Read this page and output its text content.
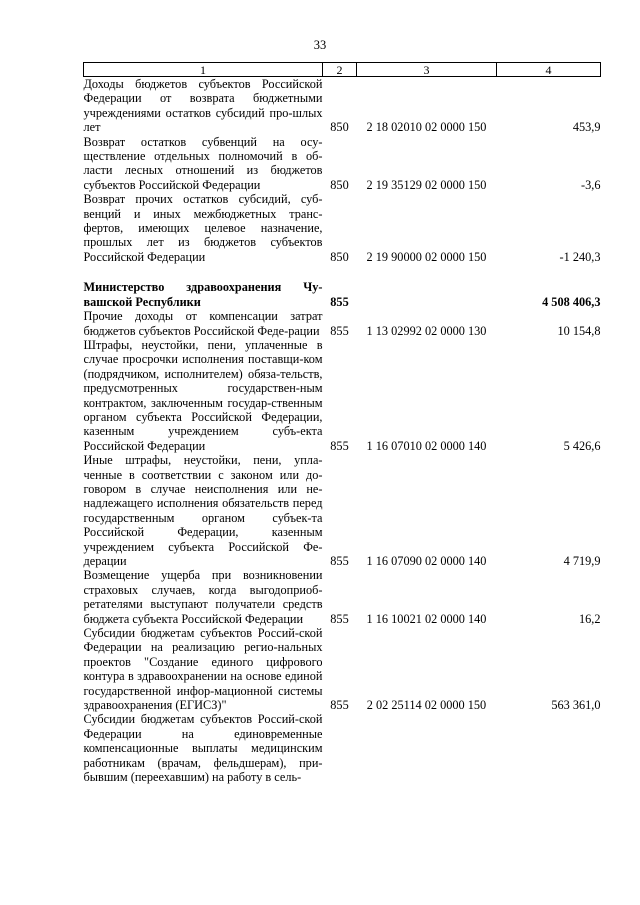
33
1	2	3	4
Доходы бюджетов субъектов Российской Федерации от возврата бюджетными учреждениями остатков субсидий про-шлых лет	850	2 18 02010 02 0000 150	453,9
Возврат остатков субвенций на осу-ществление отдельных полномочий в об-ласти лесных отношений из бюджетов субъектов Российской Федерации	850	2 19 35129 02 0000 150	-3,6
Возврат прочих остатков субсидий, суб-венций и иных межбюджетных транс-фертов, имеющих целевое назначение, прошлых лет из бюджетов субъектов Российской Федерации	850	2 19 90000 02 0000 150	-1 240,3

Министерство здравоохранения Чу-вашской Республики	855		4 508 406,3
Прочие доходы от компенсации затрат бюджетов субъектов Российской Феде-рации	855	1 13 02992 02 0000 130	10 154,8
Штрафы, неустойки, пени, уплаченные в случае просрочки исполнения поставщи-ком (подрядчиком, исполнителем) обяза-тельств, предусмотренных государствен-ным контрактом, заключенным государ-ственным органом субъекта Российской Федерации, казенным учреждением субъ-екта Российской Федерации	855	1 16 07010 02 0000 140	5 426,6
Иные штрафы, неустойки, пени, упла-ченные в соответствии с законом или до-говором в случае неисполнения или не-надлежащего исполнения обязательств перед государственным органом субъек-та Российской Федерации, казенным учреждением субъекта Российской Фе-дерации	855	1 16 07090 02 0000 140	4 719,9
Возмещение ущерба при возникновении страховых случаев, когда выгодоприоб-ретателями выступают получатели средств бюджета субъекта Российской Федерации	855	1 16 10021 02 0000 140	16,2
Субсидии бюджетам субъектов Россий-ской Федерации на реализацию регио-нальных проектов "Создание единого цифрового контура в здравоохранении на основе единой государственной инфор-мационной системы здравоохранения (ЕГИСЗ)"	855	2 02 25114 02 0000 150	563 361,0
Субсидии бюджетам субъектов Россий-ской Федерации на единовременные компенсационные выплаты медицинским работникам (врачам, фельдшерам), при-бывшим (переехавшим) на работу в сель-			
